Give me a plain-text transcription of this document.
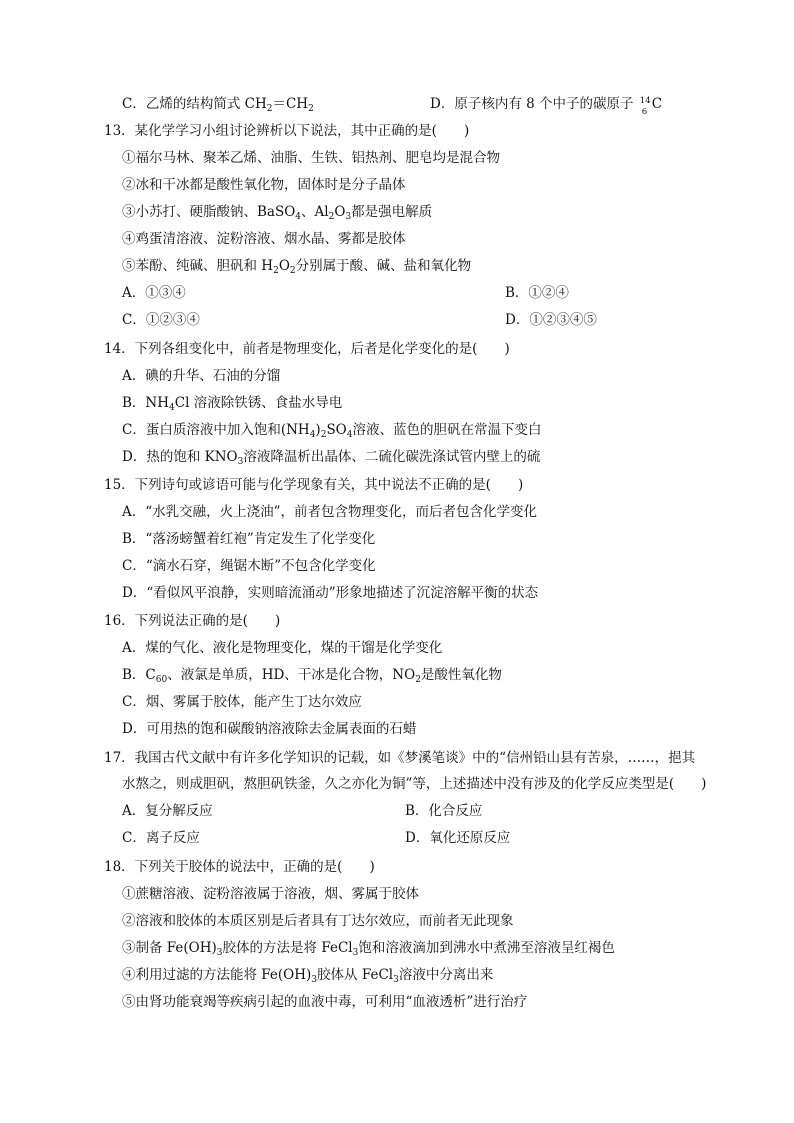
C．乙烯的结构简式 $CH_2=CH_2$	D．原子核内有 8 个中子的碳原子 14
6 C
13．某化学学习小组讨论辨析以下说法，其中正确的是(　　)
①福尔马林、聚苯乙烯、油脂、生铁、铝热剂、肥皂均是混合物
②冰和干冰都是酸性氧化物，固体时是分子晶体
③小苏打、硬脂酸钠、BaSO$_4$、$Al_2O_3$都是强电解质
④鸡蛋清溶液、淀粉溶液、烟水晶、雾都是胶体
⑤苯酚、纯碱、胆矾和 $H_2O_2$分别属于酸、碱、盐和氧化物
A．①③④	B．①②④
C．①②③④	D．①②③④⑤
14．下列各组变化中，前者是物理变化，后者是化学变化的是(　　)
A．碘的升华、石油的分馏
B．$NH_4Cl$ 溶液除铁锈、食盐水导电
C．蛋白质溶液中加入饱和$(NH_4)_2SO_4$溶液、蓝色的胆矾在常温下变白
D．热的饱和 $KNO_3$溶液降温析出晶体、二硫化碳洗涤试管内壁上的硫
15．下列诗句或谚语可能与化学现象有关，其中说法不正确的是(　　)
A．“水乳交融，火上浇油”，前者包含物理变化，而后者包含化学变化
B．“落汤螃蟹着红袍”肯定发生了化学变化
C．“滴水石穿，绳锯木断”不包含化学变化
D．“看似风平浪静，实则暗流涌动”形象地描述了沉淀溶解平衡的状态
16．下列说法正确的是(　　)
A．煤的气化、液化是物理变化，煤的干馏是化学变化
B．$C_{60}$、液氯是单质，HD、干冰是化合物，$NO_2$是酸性氧化物
C．烟、雾属于胶体，能产生丁达尔效应
D．可用热的饱和碳酸钠溶液除去金属表面的石蜡
17．我国古代文献中有许多化学知识的记载，如《梦溪笔谈》中的“信州铅山县有苦泉，……，挹其
水熬之，则成胆矾，熬胆矾铁釜，久之亦化为铜”等，上述描述中没有涉及的化学反应类型是(　　)
A．复分解反应	B．化合反应
C．离子反应	D．氧化还原反应
18．下列关于胶体的说法中，正确的是(　　)
①蔗糖溶液、淀粉溶液属于溶液，烟、雾属于胶体
②溶液和胶体的本质区别是后者具有丁达尔效应，而前者无此现象
③制备 $Fe(OH)_3$胶体的方法是将 FeCl$_3$饱和溶液滴加到沸水中煮沸至溶液呈红褐色
④利用过滤的方法能将 $Fe(OH)_3$胶体从 FeCl$_3$溶液中分离出来
⑤由肾功能衰竭等疾病引起的血液中毒，可利用“血液透析”进行治疗
